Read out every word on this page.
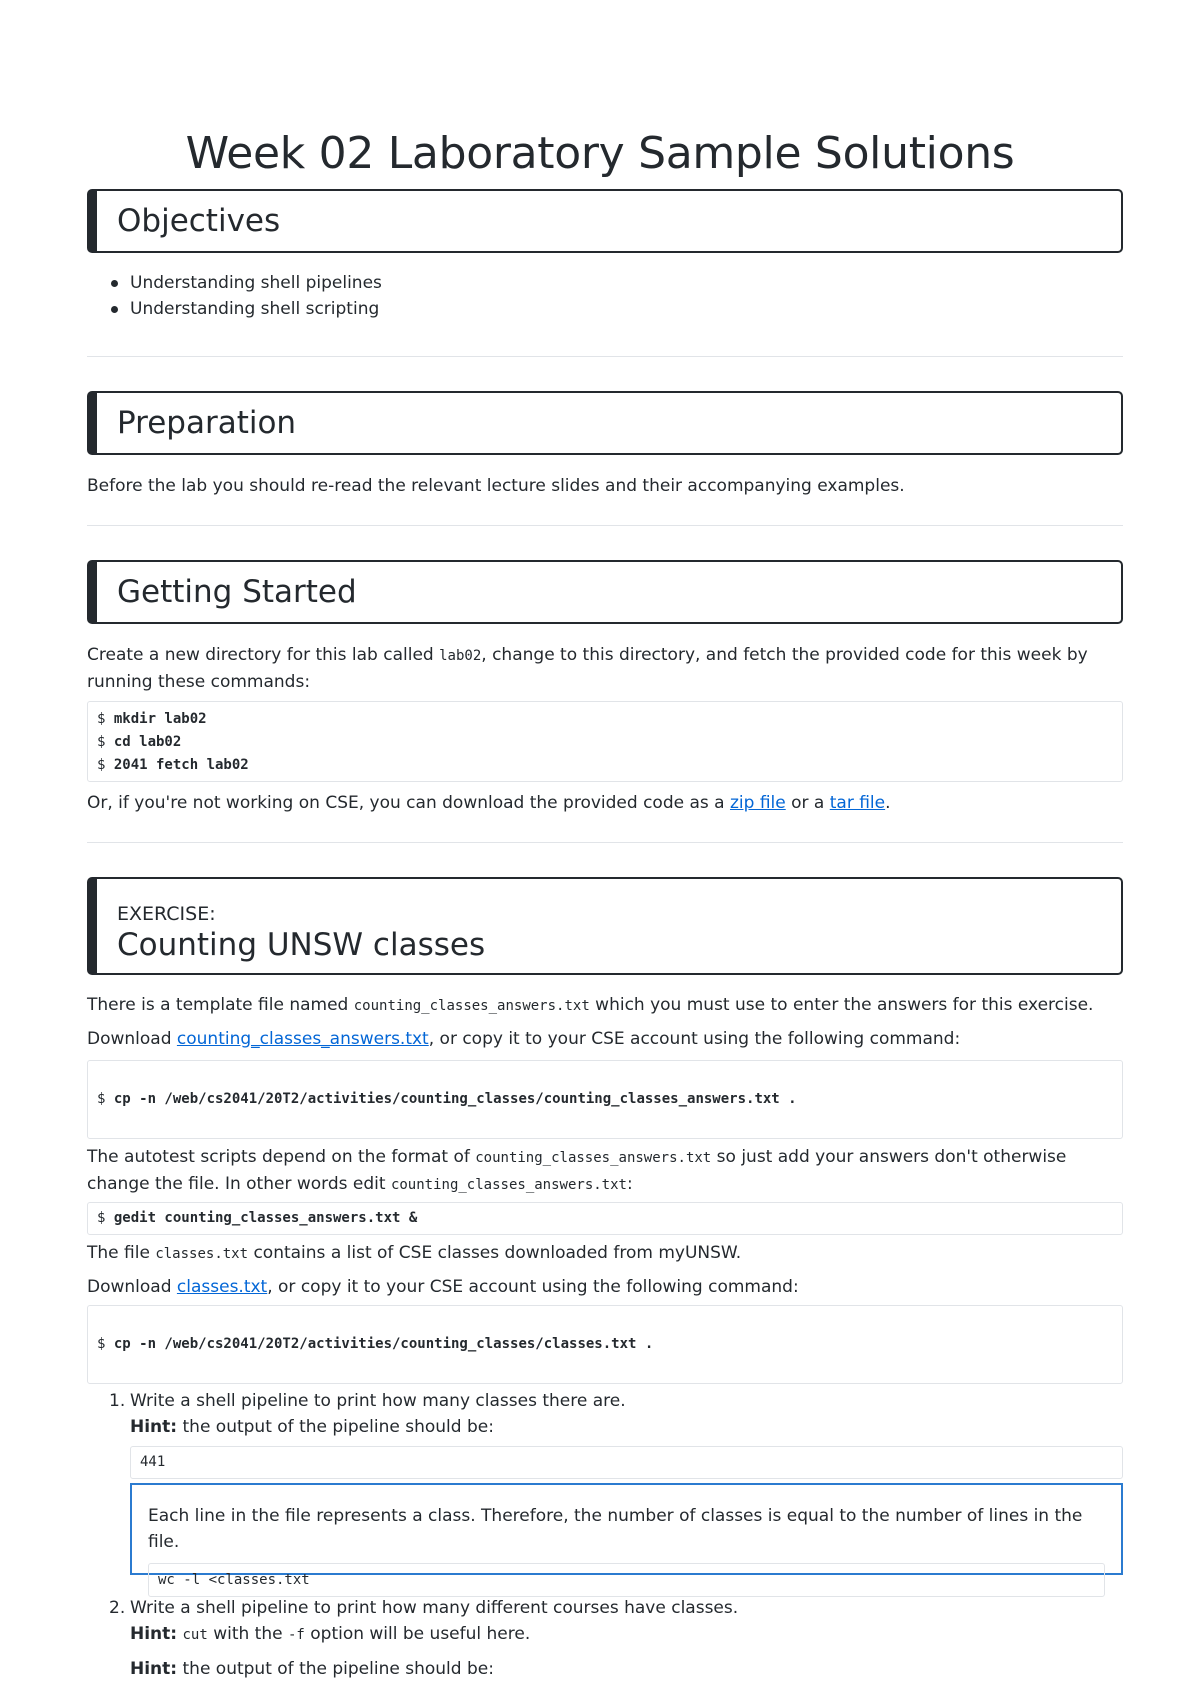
Week 02 Laboratory Sample Solutions
Objectives
Understanding shell pipelines
Understanding shell scripting
Preparation

Before the lab you should re-read the relevant lecture slides and their accompanying examples.

Getting Started

Create a new directory for this lab called lab02, change to this directory, and fetch the provided code for this week by running these commands:

$ mkdir lab02
$ cd lab02
$ 2041 fetch lab02

Or, if you're not working on CSE, you can download the provided code as a zip file or a tar file.

EXERCISE:
Counting UNSW classes

There is a template file named counting_classes_answers.txt which you must use to enter the answers for this exercise.

Download counting_classes_answers.txt, or copy it to your CSE account using the following command:

$ cp -n /web/cs2041/20T2/activities/counting_classes/counting_classes_answers.txt .

The autotest scripts depend on the format of counting_classes_answers.txt so just add your answers don't otherwise change the file. In other words edit counting_classes_answers.txt:

$ gedit counting_classes_answers.txt &

The file classes.txt contains a list of CSE classes downloaded from myUNSW.

Download classes.txt, or copy it to your CSE account using the following command:

$ cp -n /web/cs2041/20T2/activities/counting_classes/classes.txt .
1. Write a shell pipeline to print how many classes there are.
Hint: the output of the pipeline should be:
441

Each line in the file represents a class. Therefore, the number of classes is equal to the number of lines in the file.

wc -l <classes.txt
2. Write a shell pipeline to print how many different courses have classes.
Hint: cut with the -f option will be useful here.
Hint: the output of the pipeline should be:
